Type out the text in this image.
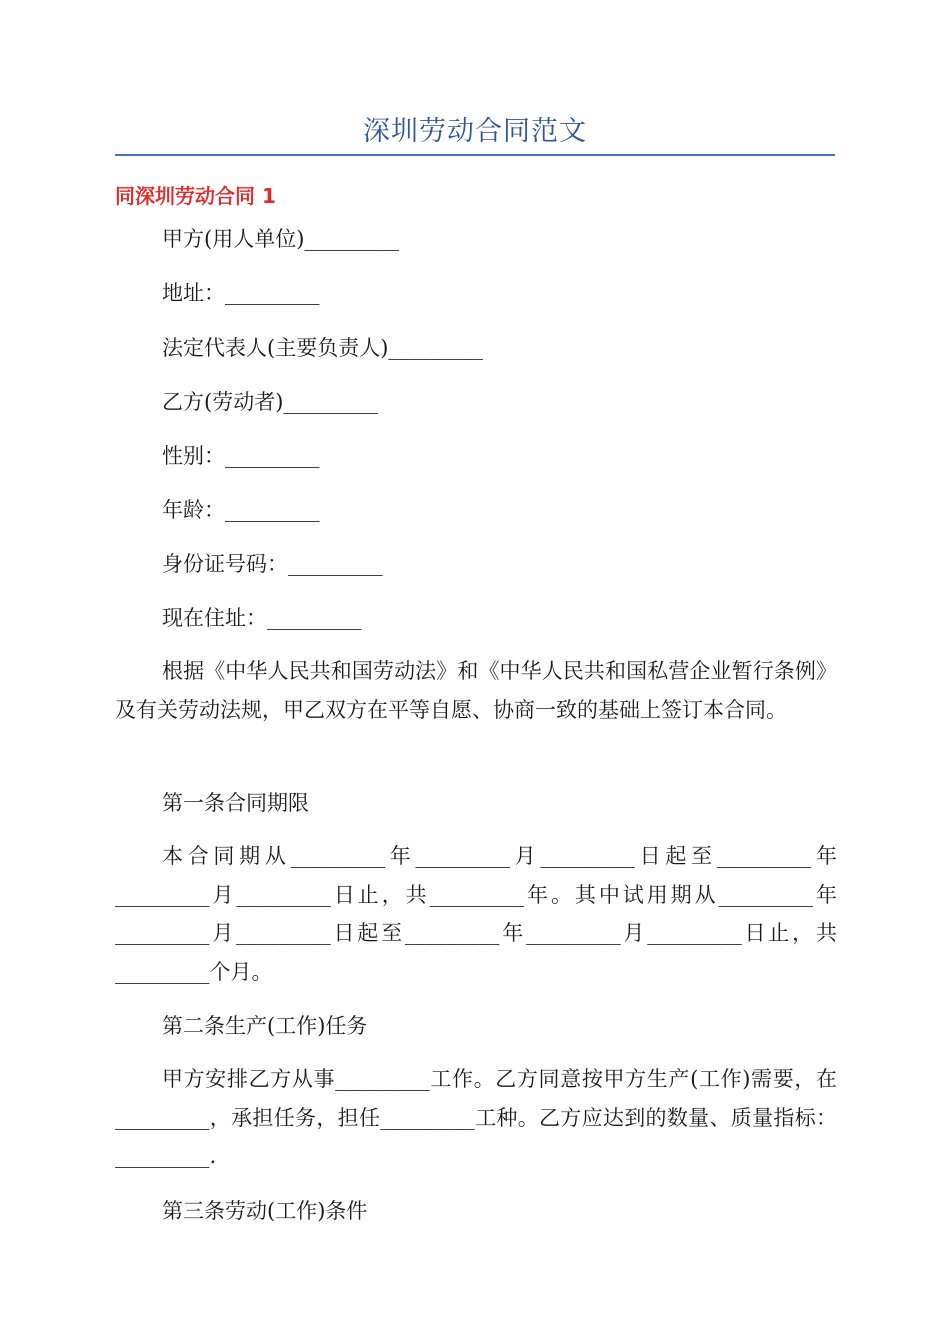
深圳劳动合同范文
同深圳劳动合同 1
甲方(用人单位)_________
地址：_________
法定代表人(主要负责人)_________
乙方(劳动者)_________
性别：_________
年龄：_________
身份证号码：_________
现在住址：_________

根据《中华人民共和国劳动法》和《中华人民共和国私营企业暂行条例》及有关劳动法规，甲乙双方在平等自愿、协商一致的基础上签订本合同。

第一条合同期限

本合同期从_________年_________月_________日起至_________年_________月_________日止，共_________年。其中试用期从_________年_________月_________日起至_________年_________月_________日止，共_________个月。

第二条生产(工作)任务

甲方安排乙方从事_________工作。乙方同意按甲方生产(工作)需要，在_________，承担任务，担任_________工种。乙方应达到的数量、质量指标：_________.

第三条劳动(工作)条件
